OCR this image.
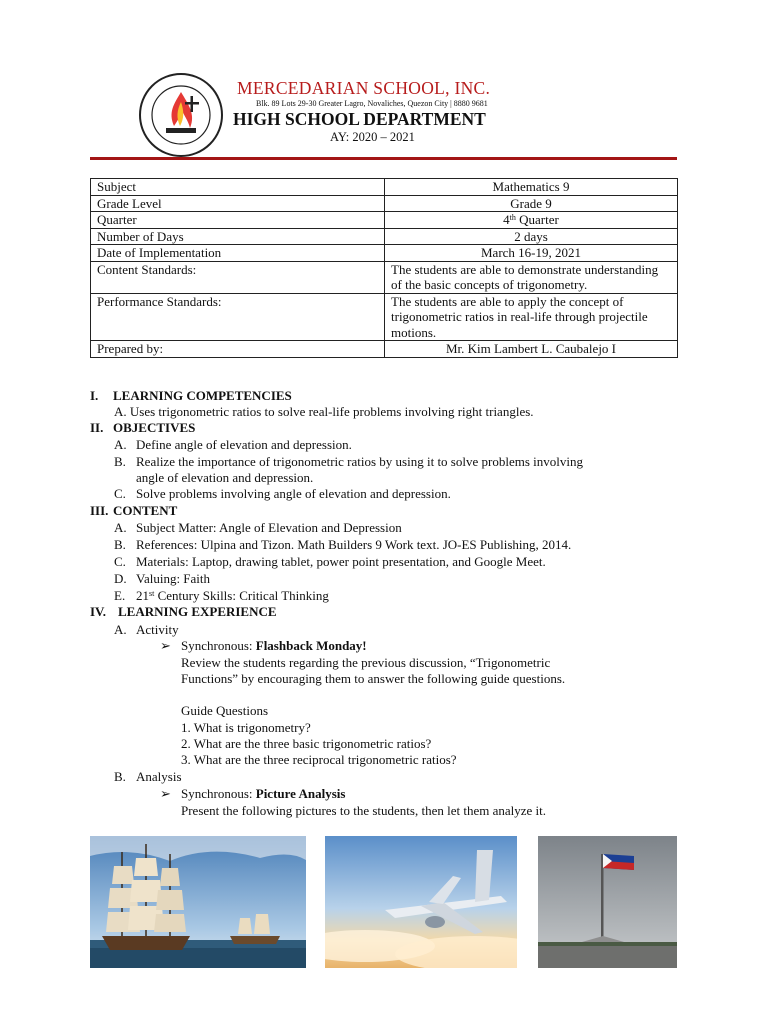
MERCEDARIAN SCHOOL, INC.
Blk. 89 Lots 29-30 Greater Lagro, Novaliches, Quezon City | 8880 9681
HIGH SCHOOL DEPARTMENT
AY: 2020 – 2021
Subject	Mathematics 9
Grade Level	Grade 9
Quarter	4th Quarter
Number of Days	2 days
Date of Implementation	March 16-19, 2021
Content Standards:	The students are able to demonstrate understanding of the basic concepts of trigonometry.
Performance Standards:	The students are able to apply the concept of trigonometric ratios in real-life through projectile motions.
Prepared by:	Mr. Kim Lambert L. Caubalejo I
I. LEARNING COMPETENCIES
A. Uses trigonometric ratios to solve real-life problems involving right triangles.
II. OBJECTIVES
A. Define angle of elevation and depression.
B. Realize the importance of trigonometric ratios by using it to solve problems involving
angle of elevation and depression.
C. Solve problems involving angle of elevation and depression.
III. CONTENT
A. Subject Matter: Angle of Elevation and Depression
B. References: Ulpina and Tizon. Math Builders 9 Work text. JO-ES Publishing, 2014.
C. Materials: Laptop, drawing tablet, power point presentation, and Google Meet.
D. Valuing: Faith
E. 21st Century Skills: Critical Thinking
IV. LEARNING EXPERIENCE
A. Activity
➢ Synchronous: Flashback Monday!
Review the students regarding the previous discussion, “Trigonometric
Functions” by encouraging them to answer the following guide questions.
Guide Questions
1. What is trigonometry?
2. What are the three basic trigonometric ratios?
3. What are the three reciprocal trigonometric ratios?
B. Analysis
➢ Synchronous: Picture Analysis
Present the following pictures to the students, then let them analyze it.
